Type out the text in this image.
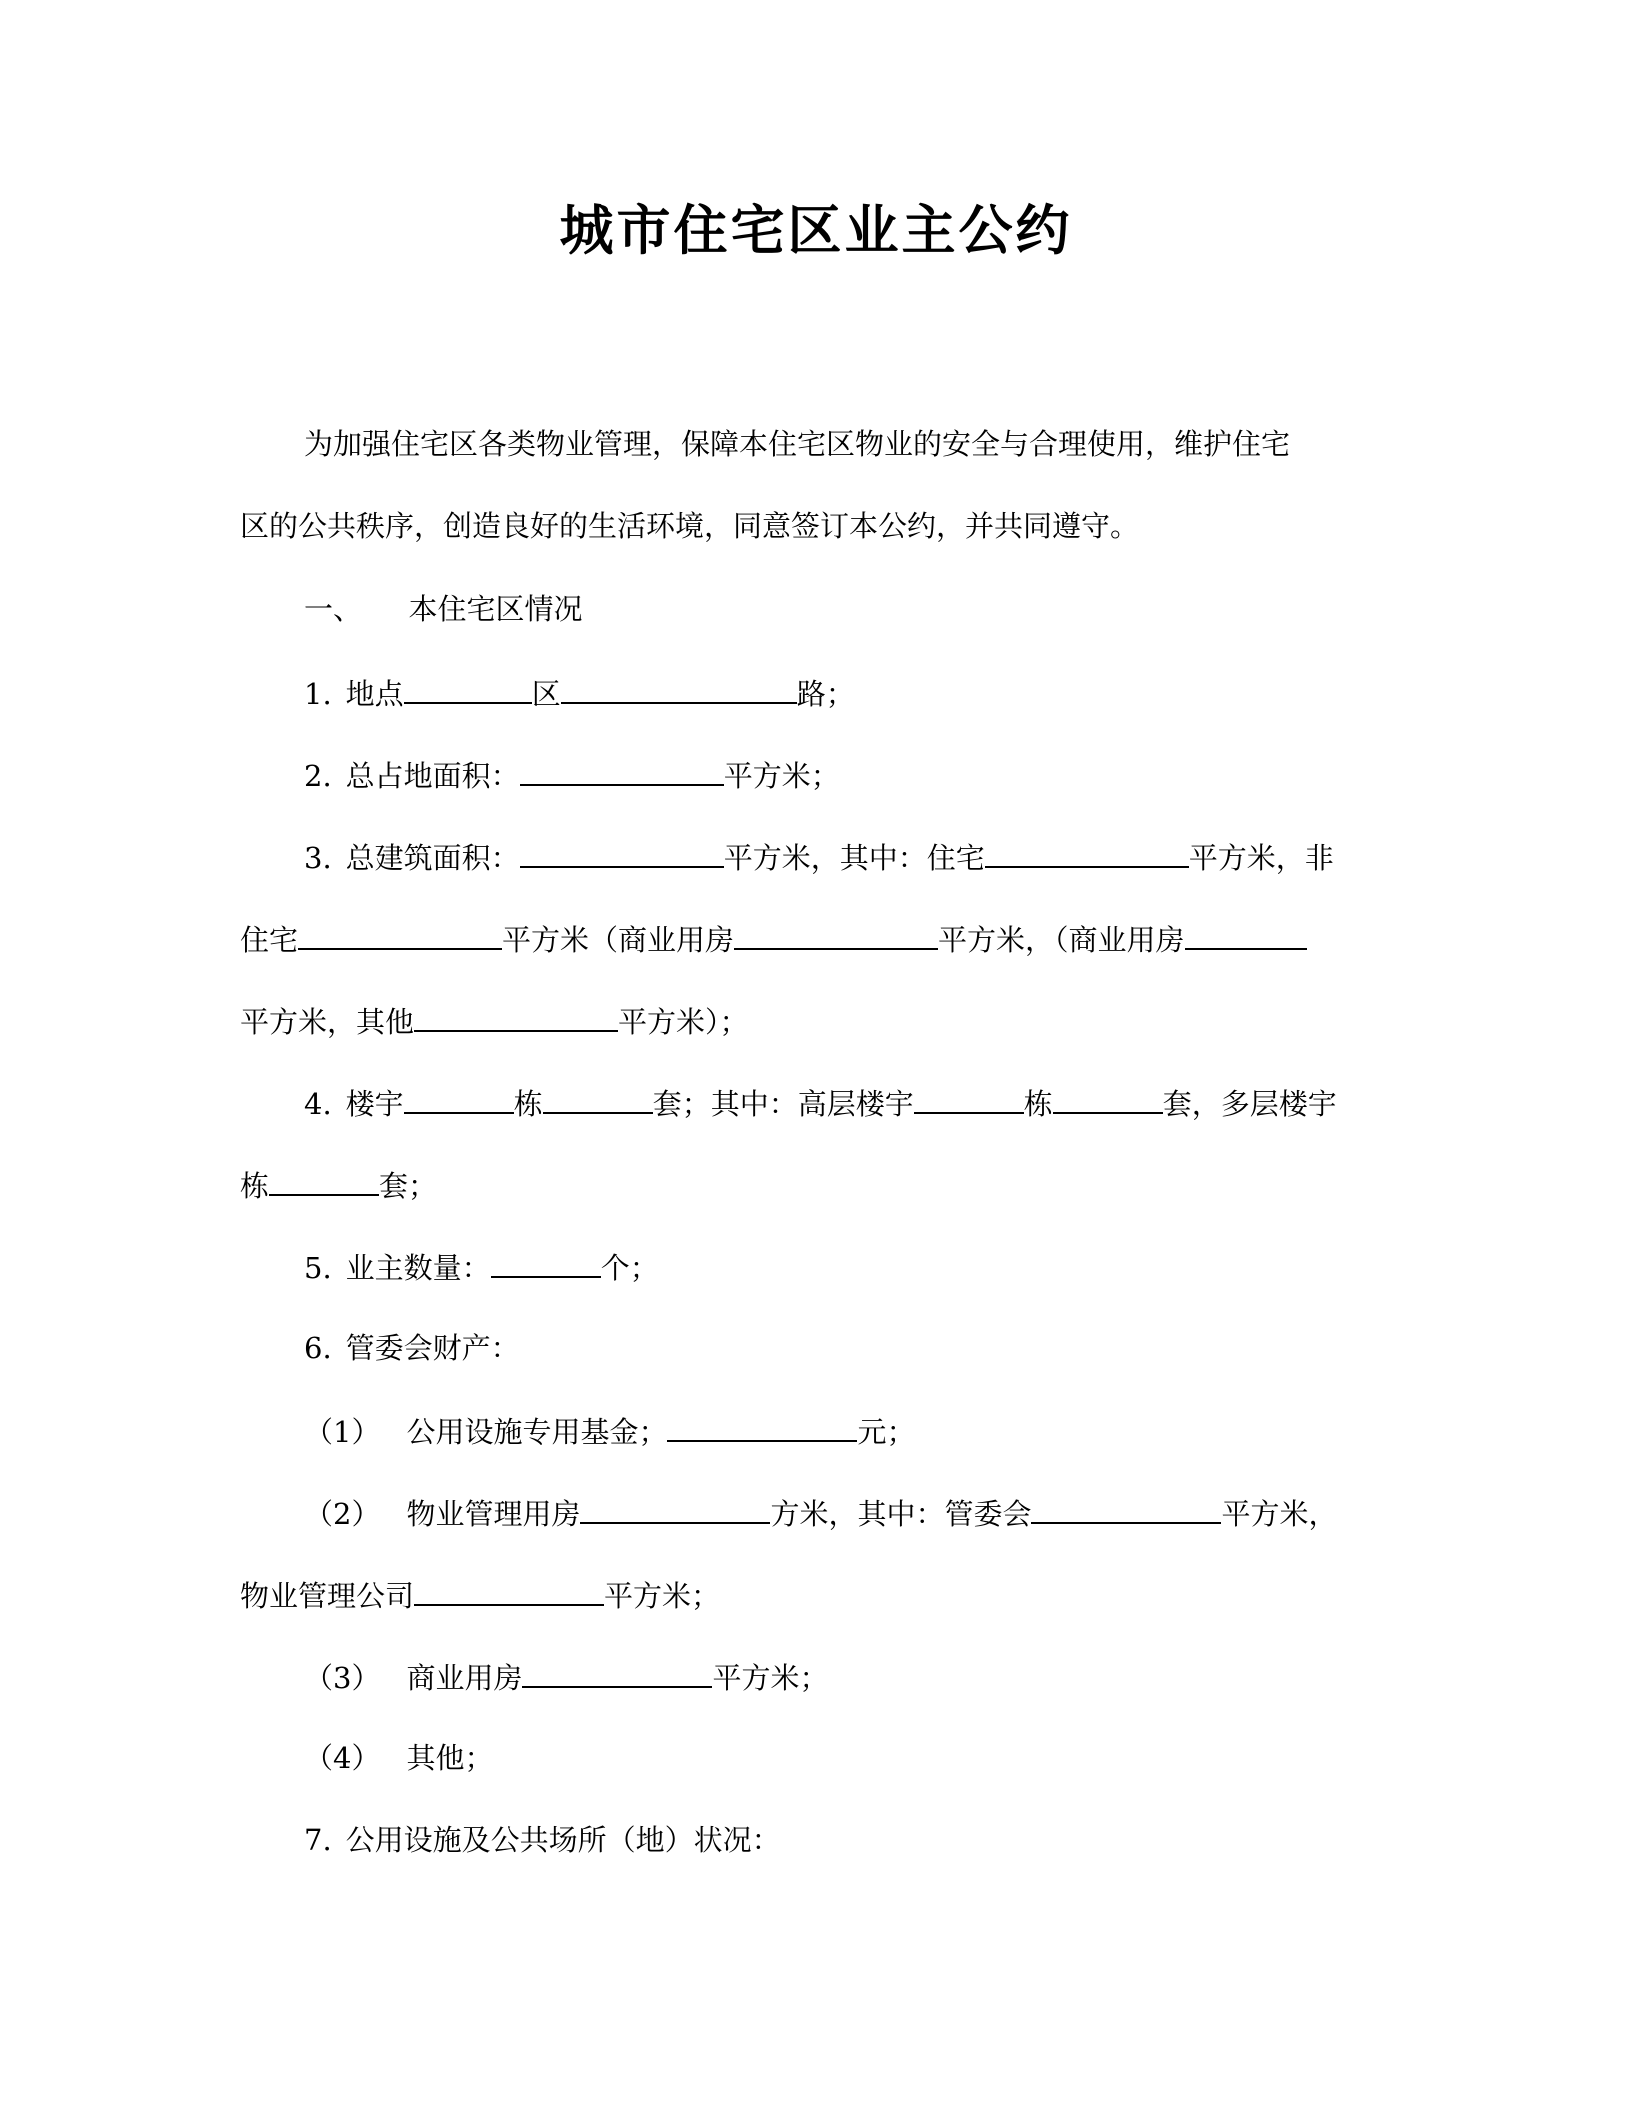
城市住宅区业主公约
为加强住宅区各类物业管理，保障本住宅区物业的安全与合理使用，维护住宅
区的公共秩序，创造良好的生活环境，同意签订本公约，并共同遵守。
一、 本住宅区情况
1. 地点	区	路；
2. 总占地面积：	平方米；
3. 总建筑面积：	平方米，其中：住宅	平方米，非
住宅	平方米（商业用房	平方米，（商业用房
平方米，其他	平方米）；
4. 楼宇	栋	套；其中：高层楼宇	栋	套，多层楼宇
栋	套；
5. 业主数量：	个；
6. 管委会财产：
（1） 公用设施专用基金；	元；
（2） 物业管理用房	方米，其中：管委会	平方米，
物业管理公司	平方米；
（3） 商业用房	平方米；
（4） 其他；
7. 公用设施及公共场所（地）状况：
